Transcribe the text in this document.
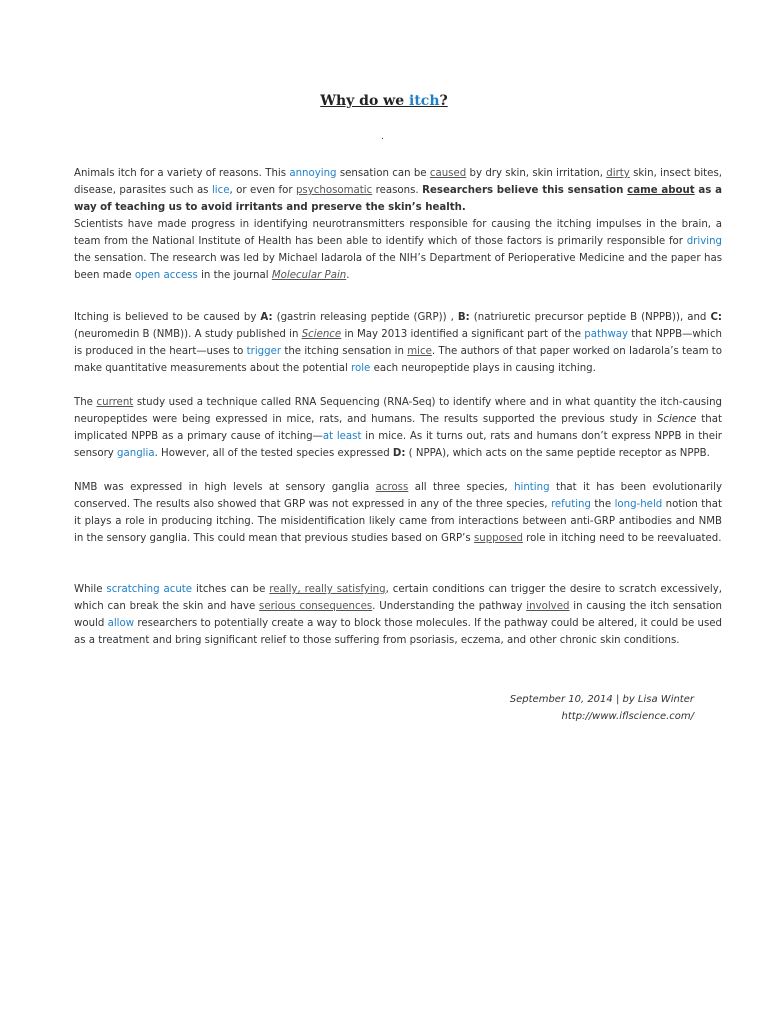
Why do we itch?
.

Animals itch for a variety of reasons. This annoying sensation can be caused by dry skin, skin irritation, dirty skin, insect bites, disease, parasites such as lice, or even for psychosomatic reasons. Researchers believe this sensation came about as a way of teaching us to avoid irritants and preserve the skin’s health.

Scientists have made progress in identifying neurotransmitters responsible for causing the itching impulses in the brain, a team from the National Institute of Health has been able to identify which of those factors is primarily responsible for driving the sensation. The research was led by Michael Iadarola of the NIH’s Department of Perioperative Medicine and the paper has been made open access in the journal Molecular Pain.

Itching is believed to be caused by A: (gastrin releasing peptide (GRP)) , B: (natriuretic precursor peptide B (NPPB)), and C: (neuromedin B (NMB)). A study published in Science in May 2013 identified a significant part of the pathway that NPPB—which is produced in the heart—uses to trigger the itching sensation in mice. The authors of that paper worked on Iadarola’s team to make quantitative measurements about the potential role each neuropeptide plays in causing itching.

The current study used a technique called RNA Sequencing (RNA-Seq) to identify where and in what quantity the itch-causing neuropeptides were being expressed in mice, rats, and humans. The results supported the previous study in Science that implicated NPPB as a primary cause of itching—at least in mice. As it turns out, rats and humans don’t express NPPB in their sensory ganglia. However, all of the tested species expressed D: ( NPPA), which acts on the same peptide receptor as NPPB.

NMB was expressed in high levels at sensory ganglia across all three species, hinting that it has been evolutionarily conserved. The results also showed that GRP was not expressed in any of the three species, refuting the long-held notion that it plays a role in producing itching. The misidentification likely came from interactions between anti-GRP antibodies and NMB in the sensory ganglia. This could mean that previous studies based on GRP’s supposed role in itching need to be reevaluated.

While scratching acute itches can be really, really satisfying, certain conditions can trigger the desire to scratch excessively, which can break the skin and have serious consequences. Understanding the pathway involved in causing the itch sensation would allow researchers to potentially create a way to block those molecules. If the pathway could be altered, it could be used as a treatment and bring significant relief to those suffering from psoriasis, eczema, and other chronic skin conditions.

September 10, 2014 | by Lisa Winter
http://www.iflscience.com/
